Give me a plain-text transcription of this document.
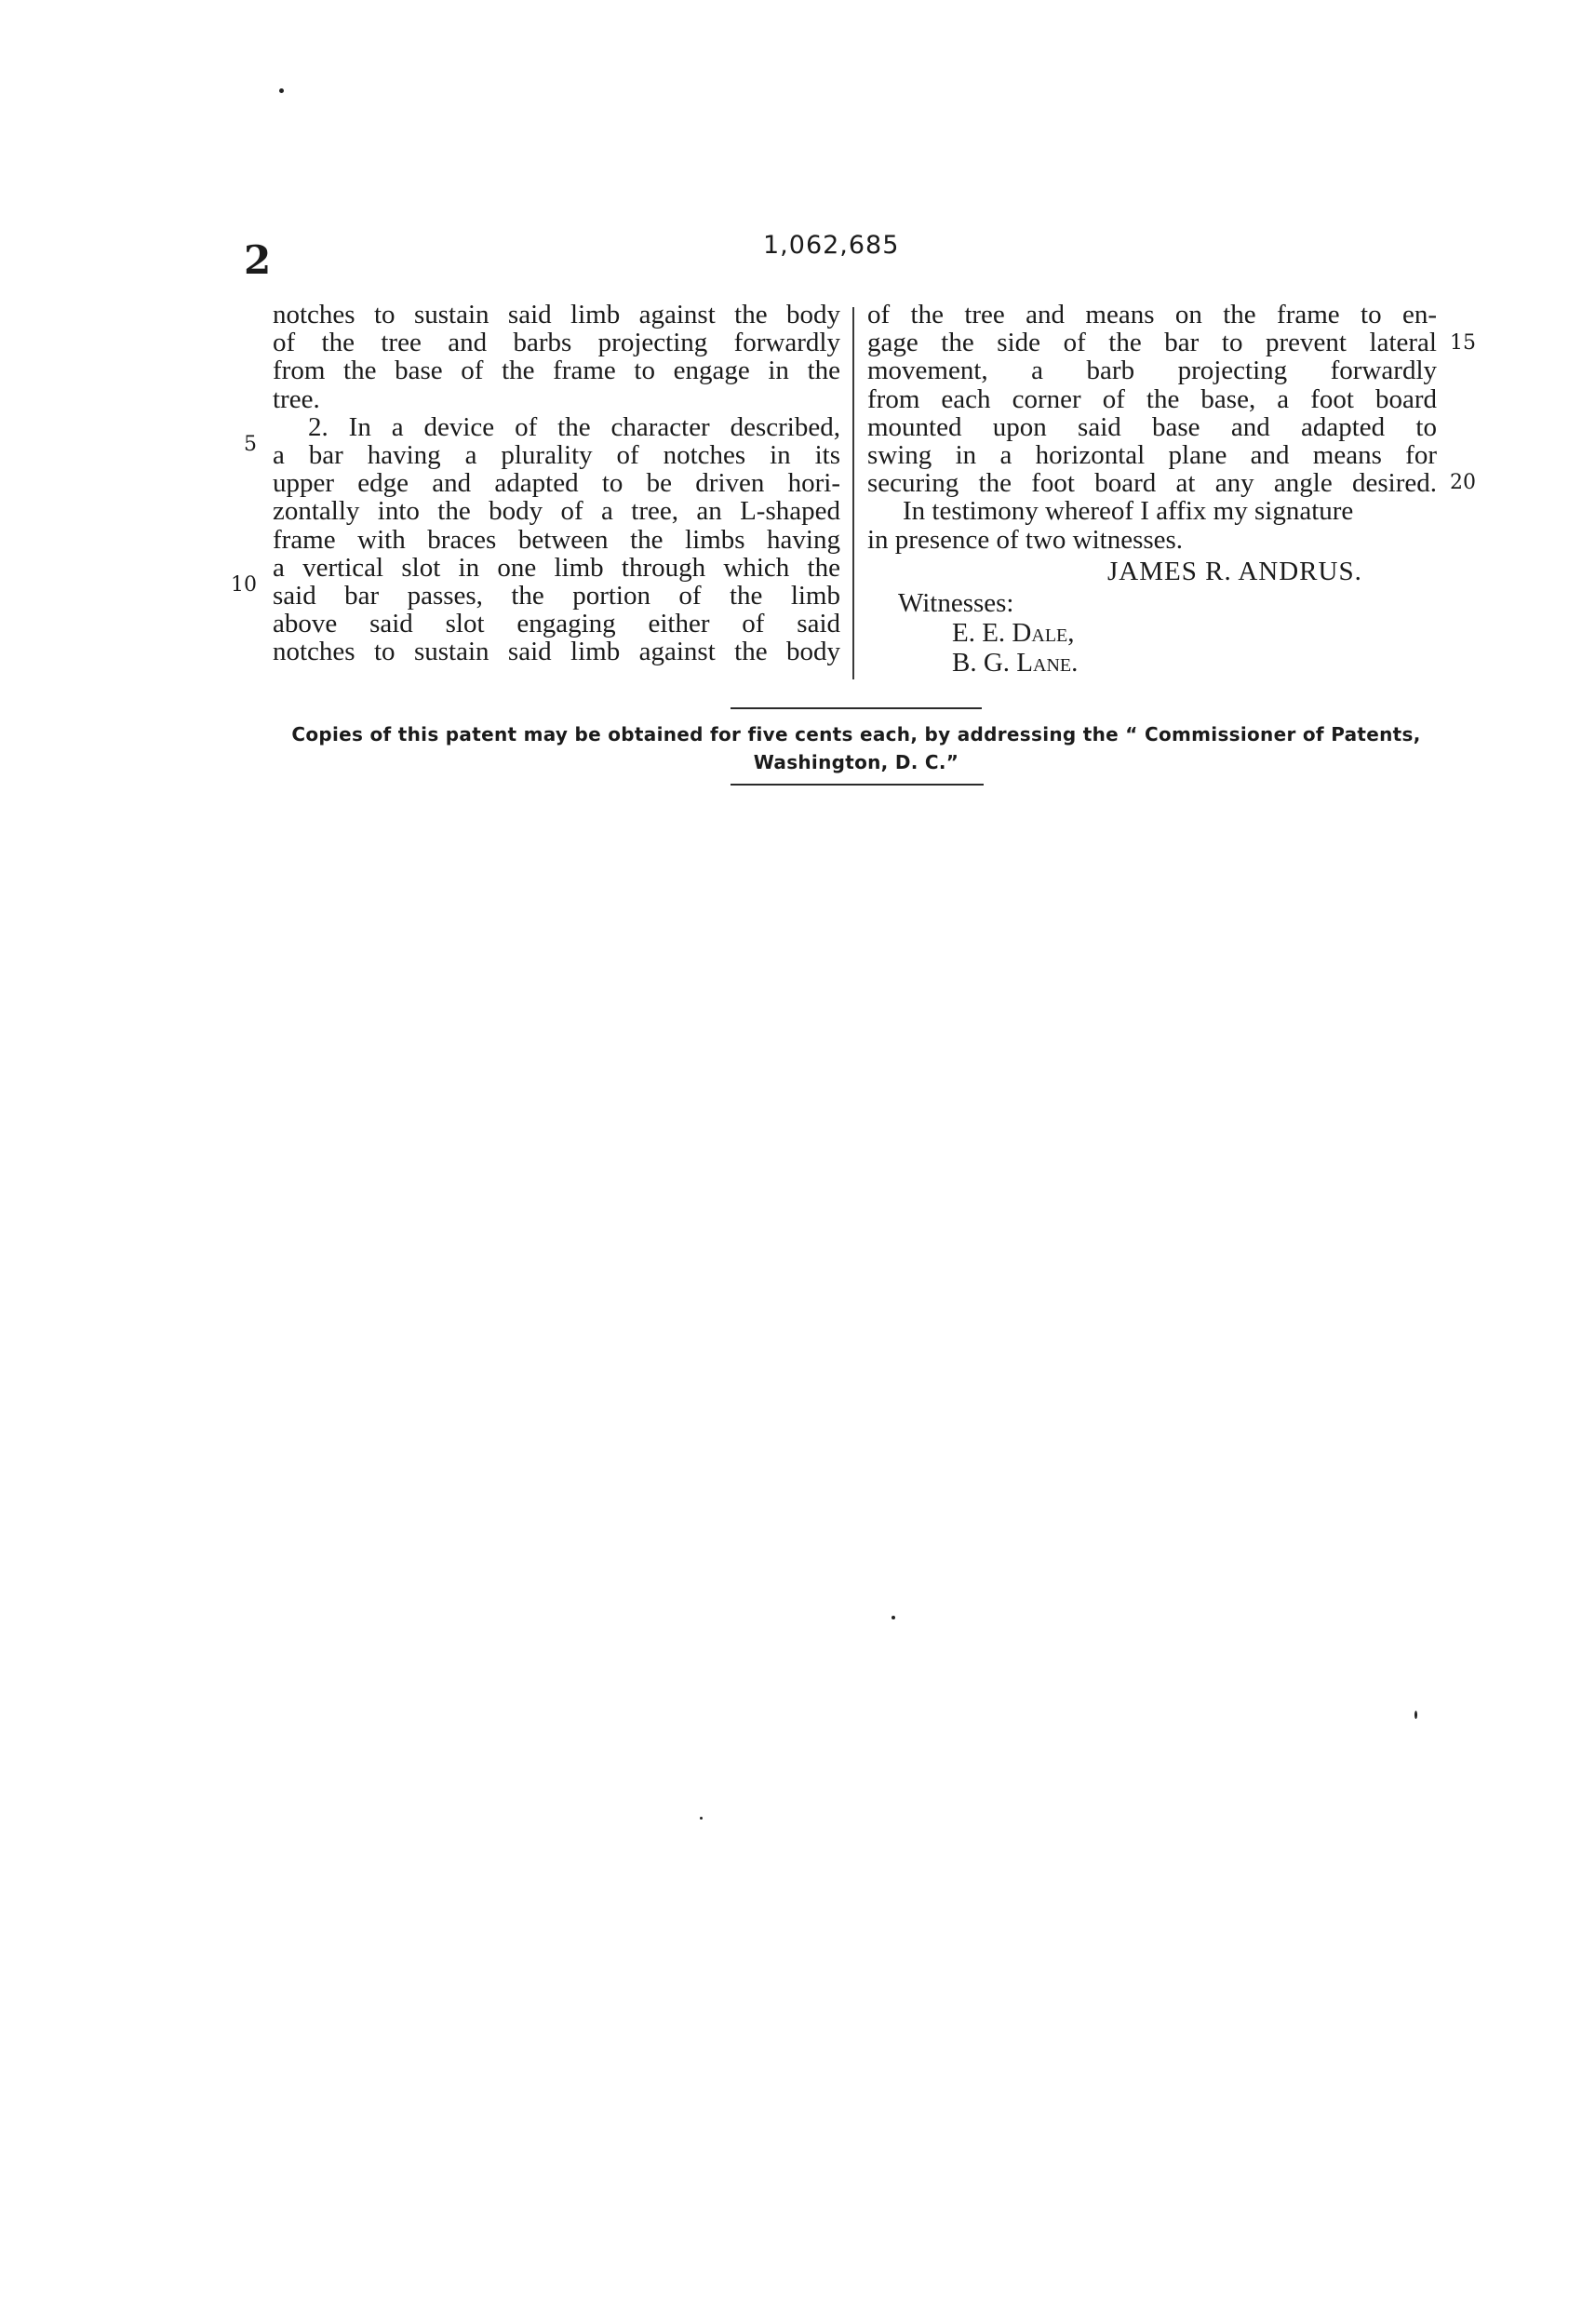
2	1,062,685
notches to sustain said limb against the body
of the tree and barbs projecting forwardly
from the base of the frame to engage in the
tree.
2. In a device of the character described,
a bar having a plurality of notches in its
upper edge and adapted to be driven hori-
zontally into the body of a tree, an L-shaped
frame with braces between the limbs having
a vertical slot in one limb through which the
said bar passes, the portion of the limb
above said slot engaging either of said
notches to sustain said limb against the body
of the tree and means on the frame to en-
gage the side of the bar to prevent lateral
movement, a barb projecting forwardly
from each corner of the base, a foot board
mounted upon said base and adapted to
swing in a horizontal plane and means for
securing the foot board at any angle desired.
In testimony whereof I affix my signature
in presence of two witnesses.
5
10
15
20
JAMES R. ANDRUS.
Witnesses:
E. E. Dale,
B. G. Lane.
Copies of this patent may be obtained for five cents each, by addressing the “ Commissioner of Patents,
Washington, D. C.”
